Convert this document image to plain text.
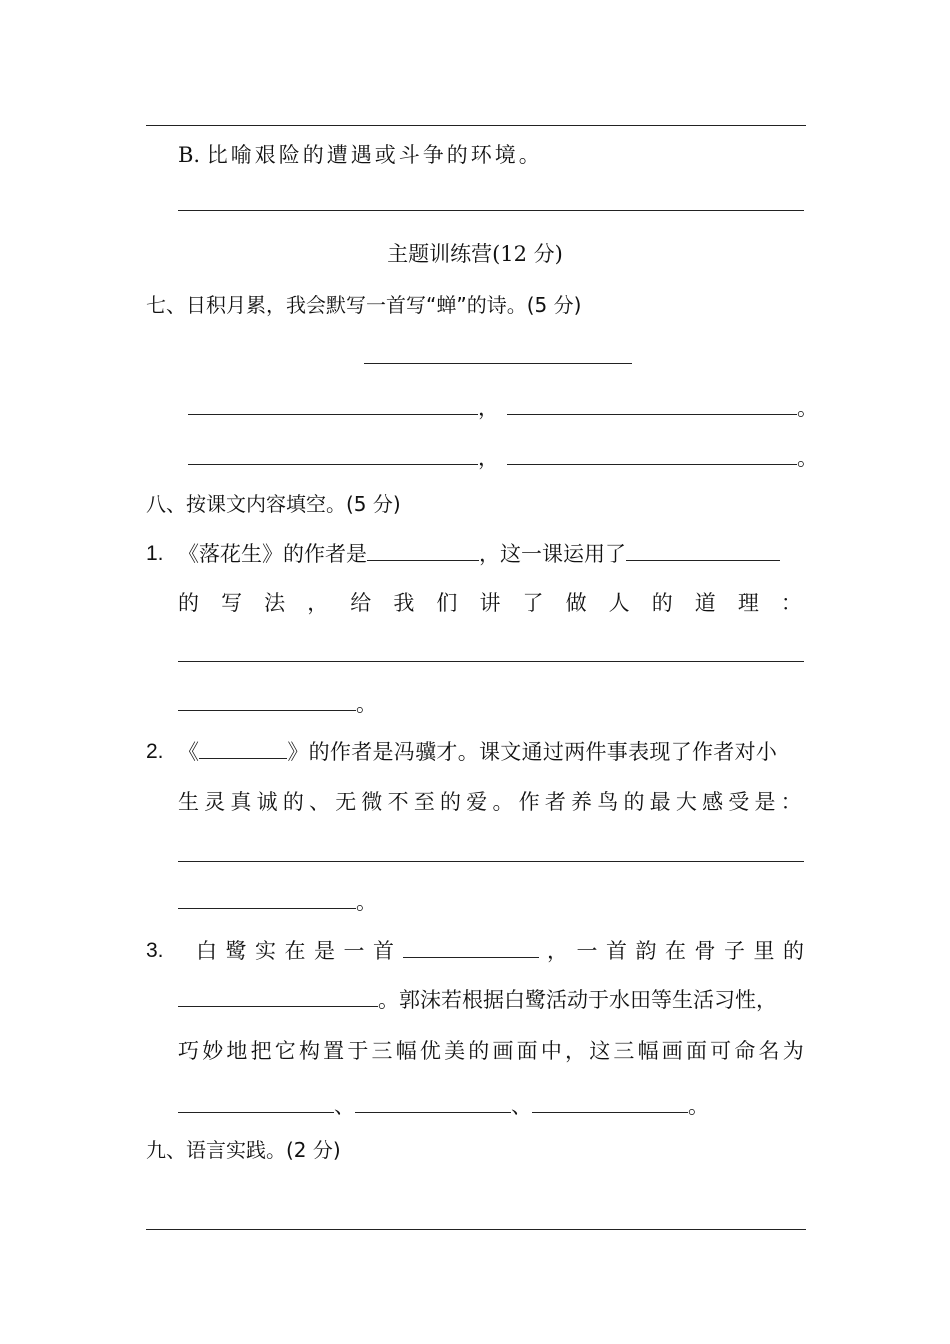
B. 比喻艰险的遭遇或斗争的环境。
主题训练营(12 分)
七、日积月累，我会默写一首写“蝉”的诗。(5 分)
，	。
，	。
八、按课文内容填空。(5 分)
1. 《落花生》的作者是	，这一课运用了
的 写 法 ， 给 我 们 讲 了 做 人 的 道 理 ：
。
2. 《	》的作者是冯骥才。课文通过两件事表现了作者对小
生 灵 真 诚 的 、 无 微 不 至 的 爱 。 作 者 养 鸟 的 最 大 感 受 是 ：
。
3. 白 鹭 实 在 是 一 首	， 一 首 韵 在 骨 子 里 的
。郭沫若根据白鹭活动于水田等生活习性，
巧 妙 地 把 它 构 置 于 三 幅 优 美 的 画 面 中 ， 这 三 幅 画 面 可 命 名 为
、	、	。
九、语言实践。(2 分)
